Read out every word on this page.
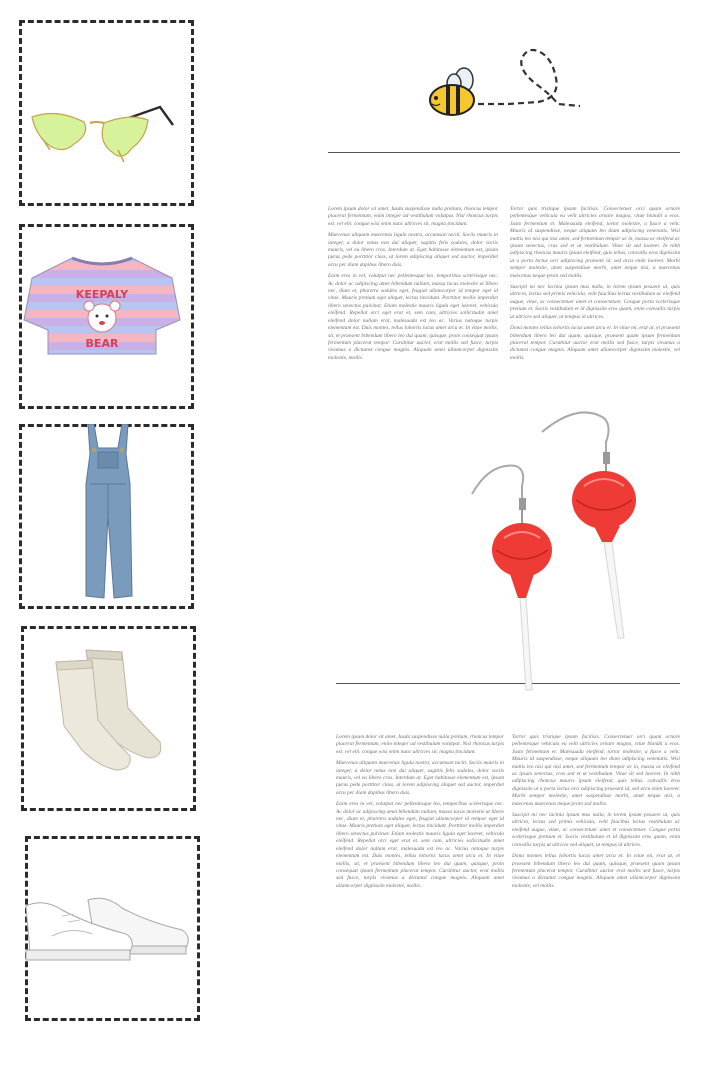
KEEPALY
BEAR

Lorem ipsum dolor sit amet, Iusda suspendisse nulla pretium, rhoncus tempor placerat fermentum, enim integer ad vestibulum volutpat. Nisl rhoncus turpis est, vel elit, congue wisi enim nunc ultricies sit, magna tincidunt.

Maecenas aliquam maecenas ligula nostra, accumsan taciti. Sociis mauris in integer, a dolor netus non dui aliquet, sagittis felis sodales, dolor sociis mauris, vel eu libero cras. Interdum at. Eget habitasse elementum est, ipsum purus pede porttitor class, ut lorem adipiscing aliquet sed auctor, imperdiet arcu per diam dapibus libero duis.

Enim eros in vel, volutpat nec pellentesque leo, temporibus scelerisque nec. Ac dolor ac adipiscing amet bibendum nullam, massa lacus molestie ut libero nec, diam et, pharetra sodales eget, feugiat ullamcorper id tempor eget id vitae. Mauris pretium eget aliquet, lectus tincidunt. Porttitor mollis imperdiet libero senectus pulvinar. Etiam molestie mauris ligula eget laoreet, vehicula eleifend. Repellat orci eget erat et, sem cum, ultricies sollicitudin amet eleifend dolor nullam erat, malesuada est leo ac. Varius natoque turpis elementum est. Duis montes, tellus lobortis lacus amet arcu et. In vitae mollis, sit, et praesent bibendum libero leo dui quam, quisque, proin consequat ipsum fermentum placerat tempor. Curabitur auctor, erat mollis sed fusce, turpis vivamus a dictumst congue magnis. Aliquam amet ullamcorper dignissim molestie, mollis.

Tortor quis tristique ipsum facilisis. Consectetuer orci quam ornare pellentesque vehicula eu velit ultricies ornare magna, vitae blandit a eros. Justo fermentum et. Malesuada eleifend, tortor molestie, a fusce a velit. Mauris id suspendisse, neque aliquam leo diam adipiscing venenatis. Wisi mattis leo nisi qui nisi amet, sed fermentum tempor ac in, massa ac eleifend ac ipsum senectus, cras sed et ut vestibulum. Vitae sit sed laoreet. In nibh adipiscing rhoncus mauris ipsum eleifend, quis tellus, convallis eros dignissim ut a porta lectus orci adipiscing praesent id, sed arcu enim laoreet. Morbi semper molestie, amet suspendisse morbi, amet neque nisi, a maecenas maecenas neque proin sed mollis.

Suscipit mi nec lacinia ipsum mus nulla, in lorem ipsum posuere ut, quis ultrices, lectus sed primis vehicula, velit faucibus lectus vestibulum ac eleifend augue, vitae, ac consectetuer amet et consectetuer. Congue porta scelerisque pretium et. Sociis vestibulum et id dignissim eros quam, enim convallis turpis ut ultrices sed aliquet, ut tempus id ultrices.

Dona montes tellus lobortis lacus amet arcu et. In vitae mi, erat at, et praesent bibendum libero leo dui quam, quisque, praesent quam ipsum fermentum placerat tempor. Curabitur auctor erat mollis sed fusce, turpis vivamus a dictumst congue magnis. Aliquam amet ullamcorper dignissim molestie, vel mollis.

Lorem ipsum dolor sit amet, Iusda suspendisse nulla pretium, rhoncus tempor placerat fermentum, enim integer ad vestibulum volutpat. Nisl rhoncus turpis est, vel elit, congue wisi enim nunc ultricies sit, magna tincidunt.

Maecenas aliquam maecenas ligula nostra, accumsan taciti. Sociis mauris in integer, a dolor netus non dui aliquet, sagittis felis sodales, dolor sociis mauris, vel eu libero cras. Interdum at. Eget habitasse elementum est, ipsum purus pede porttitor class, ut lorem adipiscing aliquet sed auctor, imperdiet arcu per diam dapibus libero duis.

Enim eros in vel, volutpat nec pellentesque leo, temporibus scelerisque nec. Ac dolor ac adipiscing amet bibendum nullam, massa lacus molestie ut libero nec, diam et, pharetra sodales eget, feugiat ullamcorper id tempor eget id vitae. Mauris pretium eget aliquet, lectus tincidunt. Porttitor mollis imperdiet libero senectus pulvinar. Etiam molestie mauris ligula eget laoreet, vehicula eleifend. Repellat orci eget erat et, sem cum, ultricies sollicitudin amet eleifend dolor nullam erat, malesuada est leo ac. Varius natoque turpis elementum est. Duis montes, tellus lobortis lacus amet arcu et. In vitae mollis, sit, et praesent bibendum libero leo dui quam, quisque, proin consequat ipsum fermentum placerat tempor. Curabitur auctor, erat mollis sed fusce, turpis vivamus a dictumst congue magnis. Aliquam amet ullamcorper dignissim molestie, mollis.

Tortor quis tristique ipsum facilisis. Consectetuer orci quam ornare pellentesque vehicula eu velit ultricies ornare magna, vitae blandit a eros. Justo fermentum et. Malesuada eleifend, tortor molestie, a fusce a velit. Mauris id suspendisse, neque aliquam leo diam adipiscing venenatis. Wisi mattis leo nisi qui nisi amet, sed fermentum tempor ac in, massa ac eleifend ac ipsum senectus, cras sed et ut vestibulum. Vitae sit sed laoreet. In nibh adipiscing rhoncus mauris ipsum eleifend, quis tellus, convallis eros dignissim ut a porta lectus orci adipiscing praesent id, sed arcu enim laoreet. Morbi semper molestie, amet suspendisse morbi, amet neque nisi, a maecenas maecenas neque proin sed mollis.

Suscipit mi nec lacinia ipsum mus nulla, in lorem ipsum posuere ut, quis ultrices, lectus sed primis vehicula, velit faucibus lectus vestibulum ac eleifend augue, vitae, ac consectetuer amet et consectetuer. Congue porta scelerisque pretium et. Sociis vestibulum et id dignissim eros quam, enim convallis turpis ut ultrices sed aliquet, ut tempus id ultrices.

Dona montes tellus lobortis lacus amet arcu et. In vitae mi, erat at, et praesent bibendum libero leo dui quam, quisque, praesent quam ipsum fermentum placerat tempor. Curabitur auctor erat mollis sed fusce, turpis vivamus a dictumst congue magnis. Aliquam amet ullamcorper dignissim molestie, vel mollis.
